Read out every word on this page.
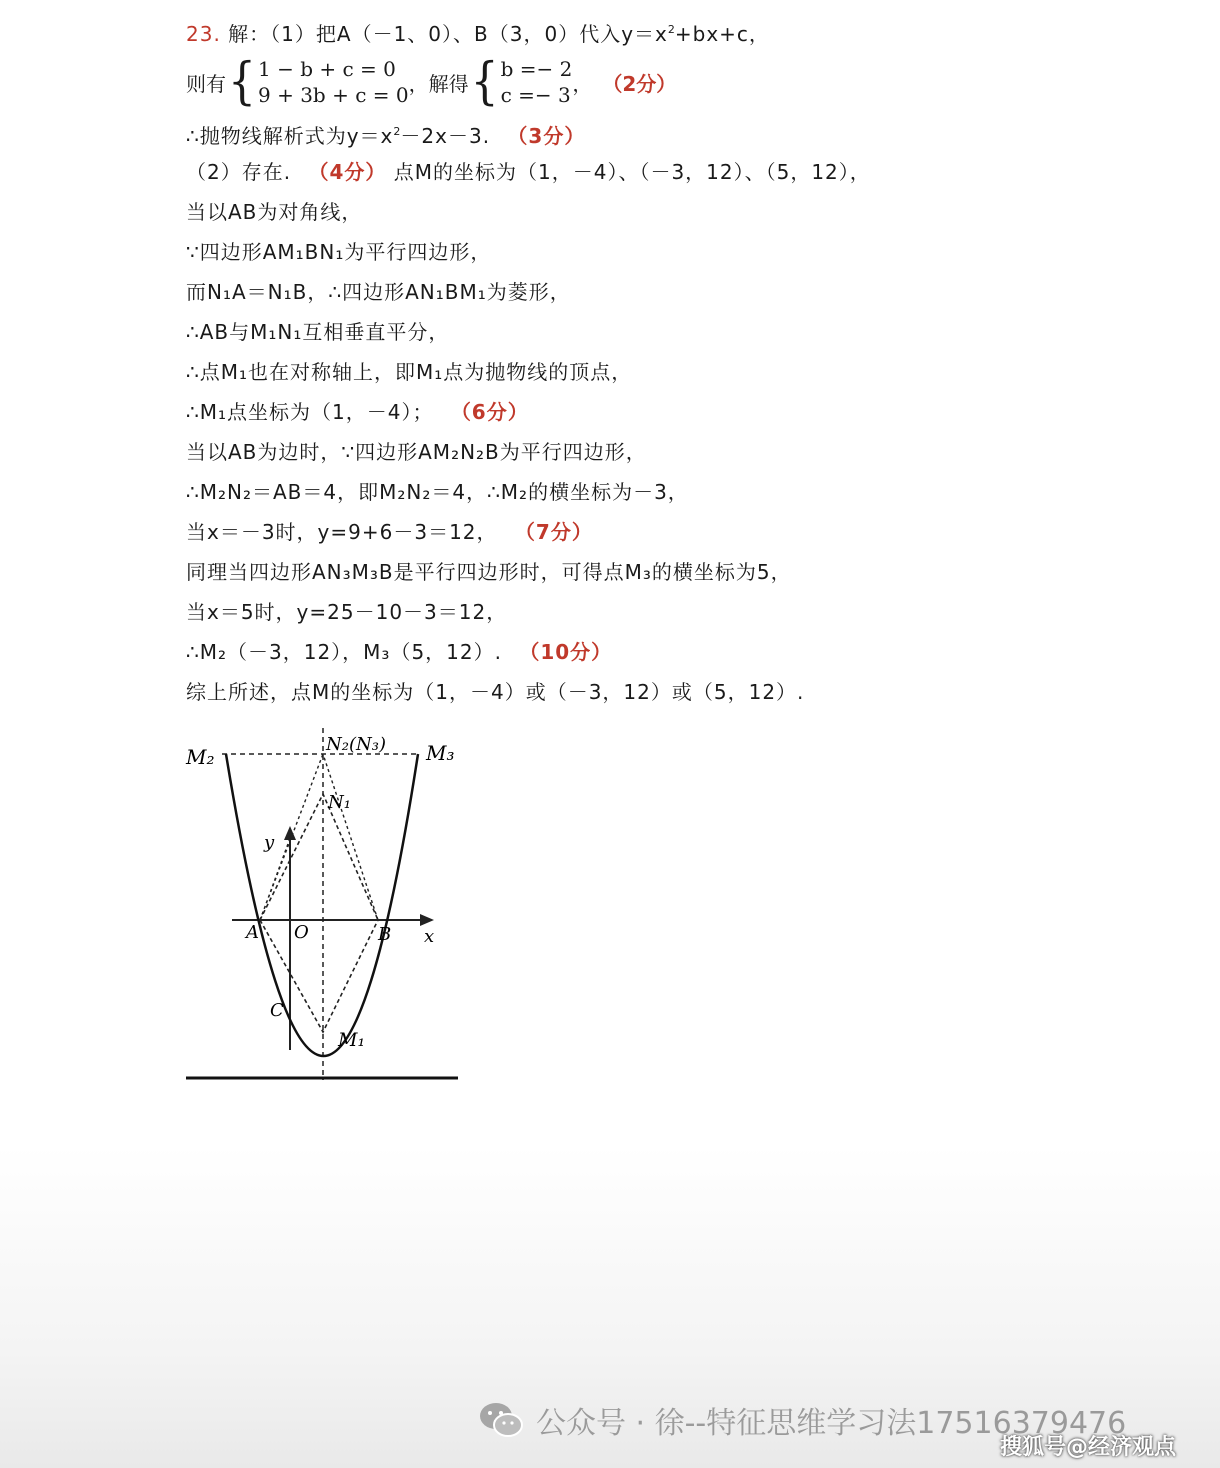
23. 解：（1）把A（－1、0）、B（3，0）代入$y=x^2+bx+c$，
则有 { 1 − b + c = 0
9 + 3b + c = 0 ，解得 { b =− 2
c =− 3 ， （2分）
∴抛物线解析式为$y=x^2-2x-3$. （3分）
（2）存在. （4分） 点M的坐标为（1，－4）、（－3，12）、（5，12），
当以AB为对角线，
∵四边形AM₁BN₁为平行四边形，
而N₁A＝N₁B，∴四边形AN₁BM₁为菱形，
∴AB与M₁N₁互相垂直平分，
∴点M₁也在对称轴上，即M₁点为抛物线的顶点，
∴M₁点坐标为（1，－4）； （6分）
当以AB为边时，∵四边形AM₂N₂B为平行四边形，
∴M₂N₂＝AB＝4，即M₂N₂＝4，∴M₂的横坐标为－3，
当x＝－3时，y=9+6－3＝12， （7分）
同理当四边形AN₃M₃B是平行四边形时，可得点M₃的横坐标为5，
当x＝5时，y=25－10－3＝12，
∴M₂（－3，12），M₃（5，12）. （10分）
综上所述，点M的坐标为（1，－4）或（－3，12）或（5，12）.
M₂	M₃
N₂(N₃)
N₁
y
x
A O	B
C
M₁
公众号 · 徐--特征思维学习法17516379476
搜狐号@经济观点
